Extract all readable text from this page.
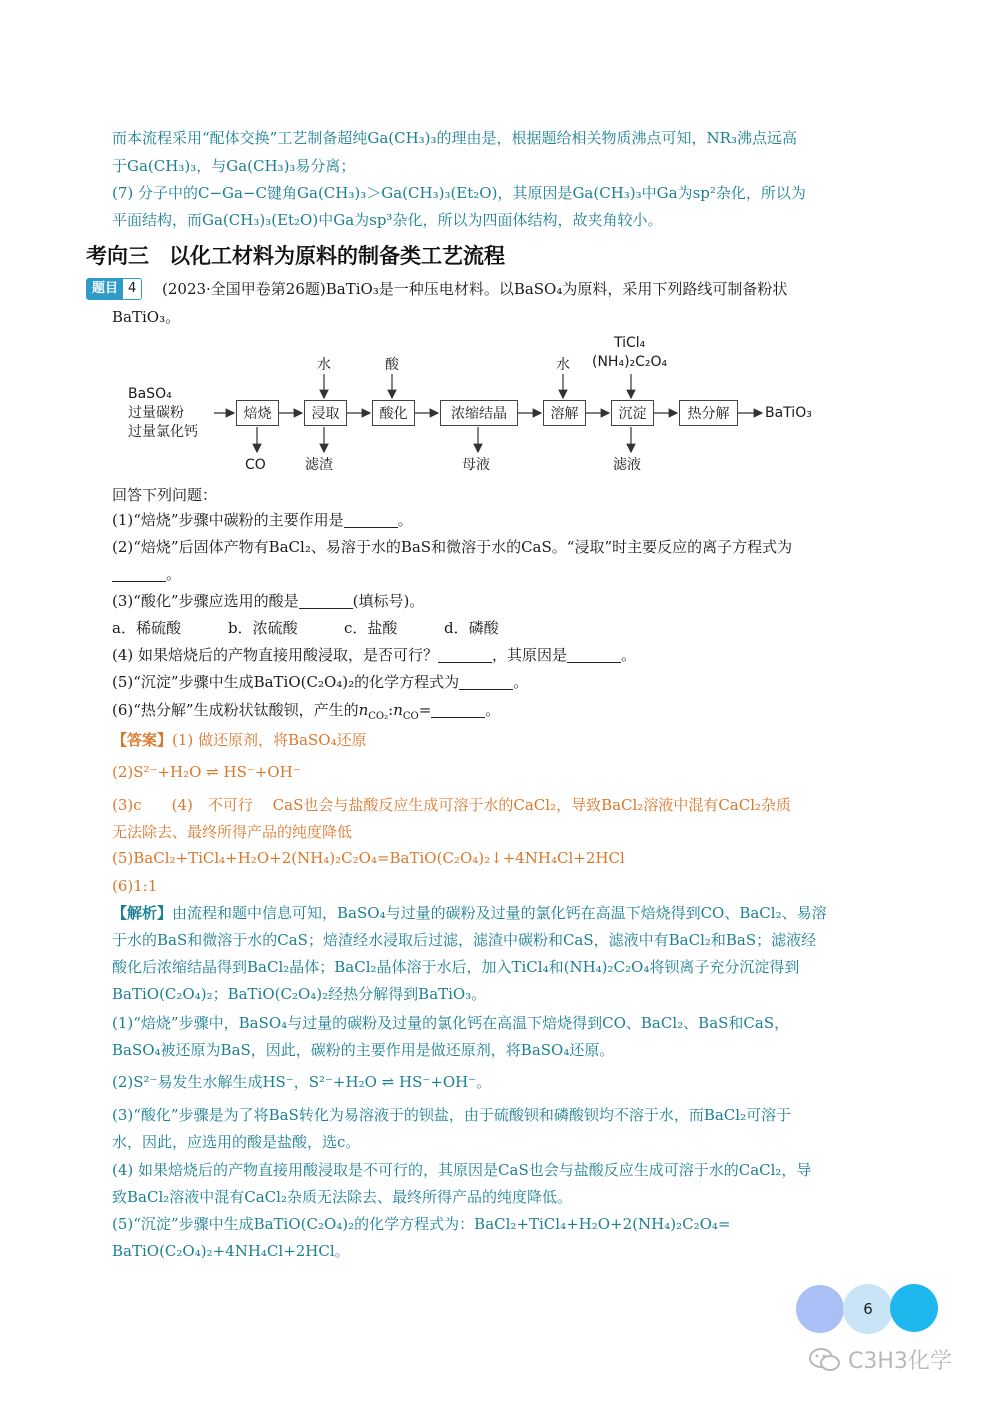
而本流程采用“配体交换”工艺制备超纯Ga(CH₃)₃的理由是，根据题给相关物质沸点可知，NR₃沸点远高
于Ga(CH₃)₃，与Ga(CH₃)₃易分离；
(7) 分子中的C−Ga−C键角Ga(CH₃)₃＞Ga(CH₃)₃(Et₂O)，其原因是Ga(CH₃)₃中Ga为sp²杂化，所以为
平面结构，而Ga(CH₃)₃(Et₂O)中Ga为sp³杂化，所以为四面体结构，故夹角较小。
考向三 以化工材料为原料的制备类工艺流程
题目 4	(2023·全国甲卷第26题)BaTiO₃是一种压电材料。以BaSO₄为原料，采用下列路线可制备粉状
BaTiO₃。
BaSO₄
过量碳粉
过量氯化钙
焙烧	浸取	酸化	浓缩结晶	溶解	沉淀	热分解	BaTiO₃
水	酸	水
TiCl₄
(NH₄)₂C₂O₄
CO	滤渣	母液	滤液
回答下列问题：
(1)“焙烧”步骤中碳粉的主要作用是	。
(2)“焙烧”后固体产物有BaCl₂、易溶于水的BaS和微溶于水的CaS。“浸取”时主要反应的离子方程式为
。
(3)“酸化”步骤应选用的酸是	(填标号)。
a．稀硫酸	b．浓硫酸	c．盐酸	d．磷酸
(4) 如果焙烧后的产物直接用酸浸取，是否可行？	，其原因是	。
(5)“沉淀”步骤中生成BaTiO(C₂O₄)₂的化学方程式为	。
(6)“热分解”生成粉状钛酸钡，产生的$n_{CO_2}:n_{CO}=$	。
【答案】(1) 做还原剂，将BaSO₄还原
(2)S²⁻+H₂O ⇌ HS⁻+OH⁻
(3)c　　(4)　不可行　 CaS也会与盐酸反应生成可溶于水的CaCl₂，导致BaCl₂溶液中混有CaCl₂杂质
无法除去、最终所得产品的纯度降低
(5)BaCl₂+TiCl₄+H₂O+2(NH₄)₂C₂O₄=BaTiO(C₂O₄)₂↓+4NH₄Cl+2HCl
(6)1:1
【解析】由流程和题中信息可知，BaSO₄与过量的碳粉及过量的氯化钙在高温下焙烧得到CO、BaCl₂、易溶
于水的BaS和微溶于水的CaS；焙渣经水浸取后过滤，滤渣中碳粉和CaS，滤液中有BaCl₂和BaS；滤液经
酸化后浓缩结晶得到BaCl₂晶体；BaCl₂晶体溶于水后，加入TiCl₄和(NH₄)₂C₂O₄将钡离子充分沉淀得到
BaTiO(C₂O₄)₂；BaTiO(C₂O₄)₂经热分解得到BaTiO₃。
(1)“焙烧”步骤中，BaSO₄与过量的碳粉及过量的氯化钙在高温下焙烧得到CO、BaCl₂、BaS和CaS，
BaSO₄被还原为BaS，因此，碳粉的主要作用是做还原剂，将BaSO₄还原。
(2)S²⁻易发生水解生成HS⁻，S²⁻+H₂O ⇌ HS⁻+OH⁻。
(3)“酸化”步骤是为了将BaS转化为易溶液于的钡盐，由于硫酸钡和磷酸钡均不溶于水，而BaCl₂可溶于
水，因此，应选用的酸是盐酸，选c。
(4) 如果焙烧后的产物直接用酸浸取是不可行的，其原因是CaS也会与盐酸反应生成可溶于水的CaCl₂，导
致BaCl₂溶液中混有CaCl₂杂质无法除去、最终所得产品的纯度降低。
(5)“沉淀”步骤中生成BaTiO(C₂O₄)₂的化学方程式为：BaCl₂+TiCl₄+H₂O+2(NH₄)₂C₂O₄=
BaTiO(C₂O₄)₂+4NH₄Cl+2HCl。
6
C3H3化学
